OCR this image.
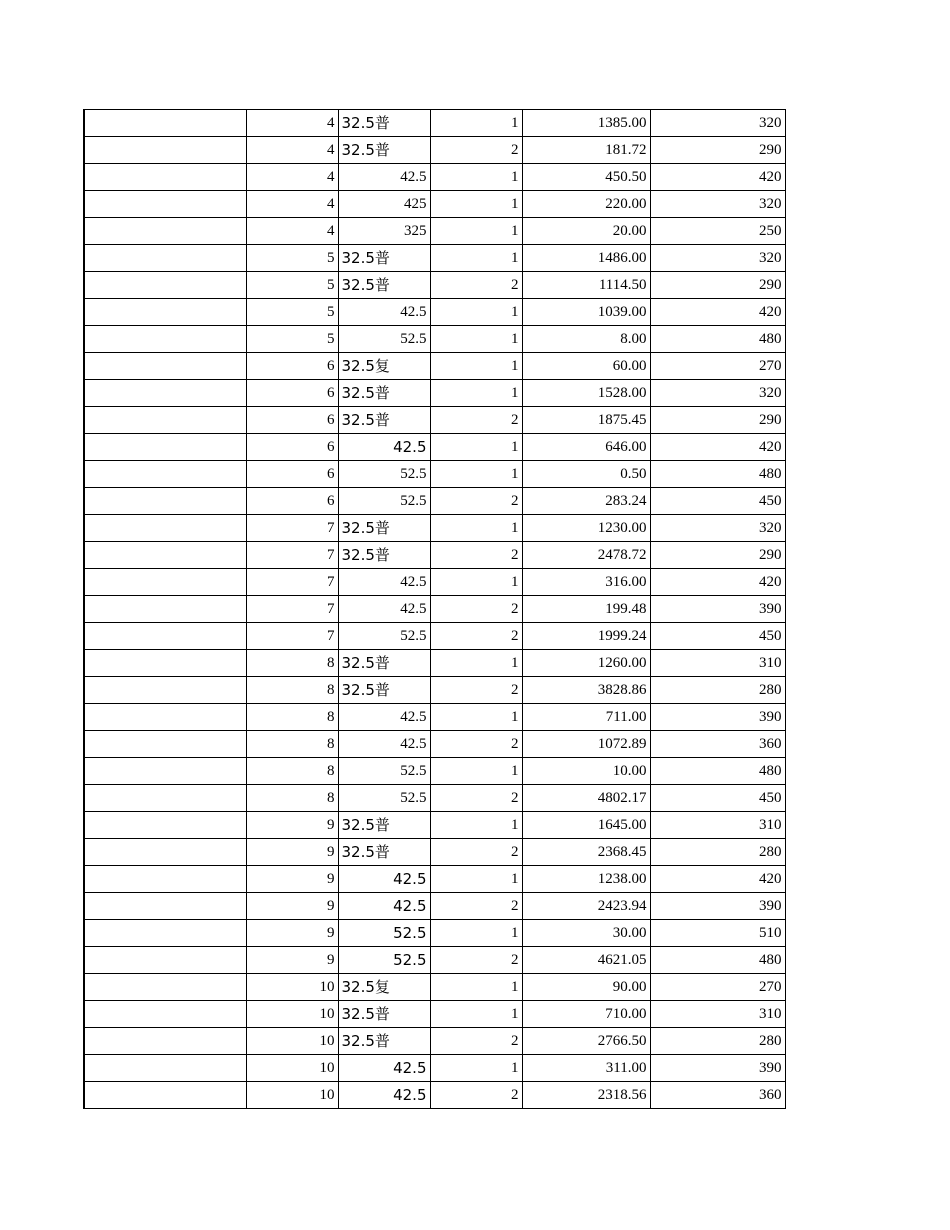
	4	32.5普	1	1385.00	320
	4	32.5普	2	181.72	290
	4	42.5	1	450.50	420
	4	425	1	220.00	320
	4	325	1	20.00	250
	5	32.5普	1	1486.00	320
	5	32.5普	2	1114.50	290
	5	42.5	1	1039.00	420
	5	52.5	1	8.00	480
	6	32.5复	1	60.00	270
	6	32.5普	1	1528.00	320
	6	32.5普	2	1875.45	290
	6	42.5	1	646.00	420
	6	52.5	1	0.50	480
	6	52.5	2	283.24	450
	7	32.5普	1	1230.00	320
	7	32.5普	2	2478.72	290
	7	42.5	1	316.00	420
	7	42.5	2	199.48	390
	7	52.5	2	1999.24	450
	8	32.5普	1	1260.00	310
	8	32.5普	2	3828.86	280
	8	42.5	1	711.00	390
	8	42.5	2	1072.89	360
	8	52.5	1	10.00	480
	8	52.5	2	4802.17	450
	9	32.5普	1	1645.00	310
	9	32.5普	2	2368.45	280
	9	42.5	1	1238.00	420
	9	42.5	2	2423.94	390
	9	52.5	1	30.00	510
	9	52.5	2	4621.05	480
	10	32.5复	1	90.00	270
	10	32.5普	1	710.00	310
	10	32.5普	2	2766.50	280
	10	42.5	1	311.00	390
	10	42.5	2	2318.56	360
